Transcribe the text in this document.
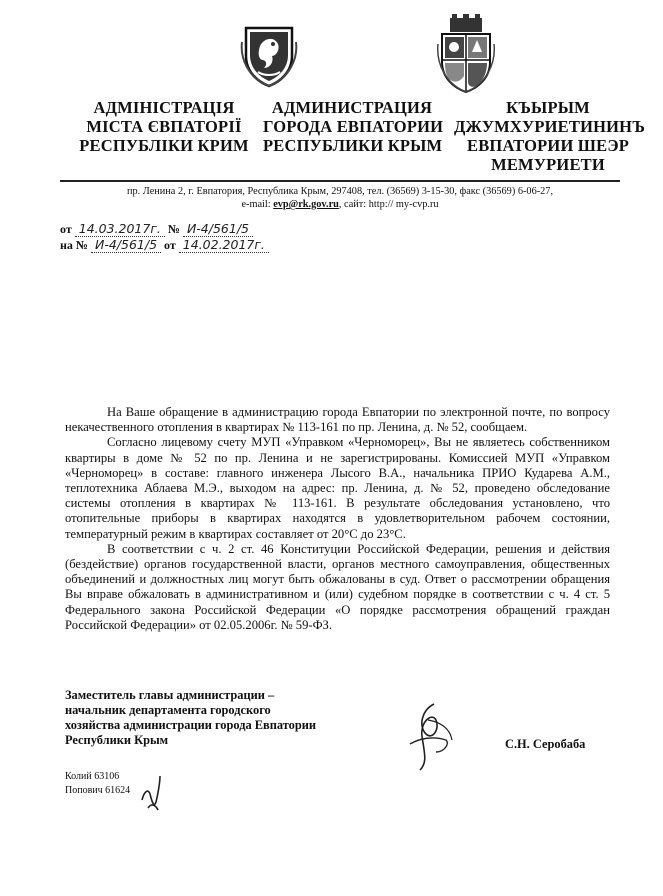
АДМІНІСТРАЦІЯ
МІСТА ЄВПАТОРІЇ
РЕСПУБЛІКИ КРИМ
АДМИНИСТРАЦИЯ
ГОРОДА ЕВПАТОРИИ
РЕСПУБЛИКИ КРЫМ
КЪЫРЫМ
ДЖУМХУРИЕТИНИНЪ
ЕВПАТОРИИ ШЕЭР
МЕМУРИЕТИ
пр. Ленина 2, г. Евпатория, Республика Крым, 297408, тел. (36569) 3-15-30, факс (36569) 6-06-27,
e-mail: evp@rk.gov.ru, сайт: http:// my-cvp.ru
от 14.03.2017г. № И-4/561/5
на № И-4/561/5 от 14.02.2017г.

На Ваше обращение в администрацию города Евпатории по электронной почте, по вопросу некачественного отопления в квартирах № 113-161 по пр. Ленина, д. № 52, сообщаем.

Согласно лицевому счету МУП «Управком «Черноморец», Вы не являетесь собственником квартиры в доме № 52 по пр. Ленина и не зарегистрированы. Комиссией МУП «Управком «Черноморец» в составе: главного инженера Лысого В.А., начальника ПРИО Кударева А.М., теплотехника Аблаева М.Э., выходом на адрес: пр. Ленина, д. № 52, проведено обследование системы отопления в квартирах № 113-161. В результате обследования установлено, что отопительные приборы в квартирах находятся в удовлетворительном рабочем состоянии, температурный режим в квартирах составляет от 20°С до 23°С.

В соответствии с ч. 2 ст. 46 Конституции Российской Федерации, решения и действия (бездействие) органов государственной власти, органов местного самоуправления, общественных объединений и должностных лиц могут быть обжалованы в суд. Ответ о рассмотрении обращения Вы вправе обжаловать в административном и (или) судебном порядке в соответствии с ч. 4 ст. 5 Федерального закона Российской Федерации «О порядке рассмотрения обращений граждан Российской Федерации» от 02.05.2006г. № 59-ФЗ.

Заместитель главы администрации –
начальник департамента городского
хозяйства администрации города Евпатории
Республики Крым	С.Н. Серобаба
Колий 63106
Попович 61624
